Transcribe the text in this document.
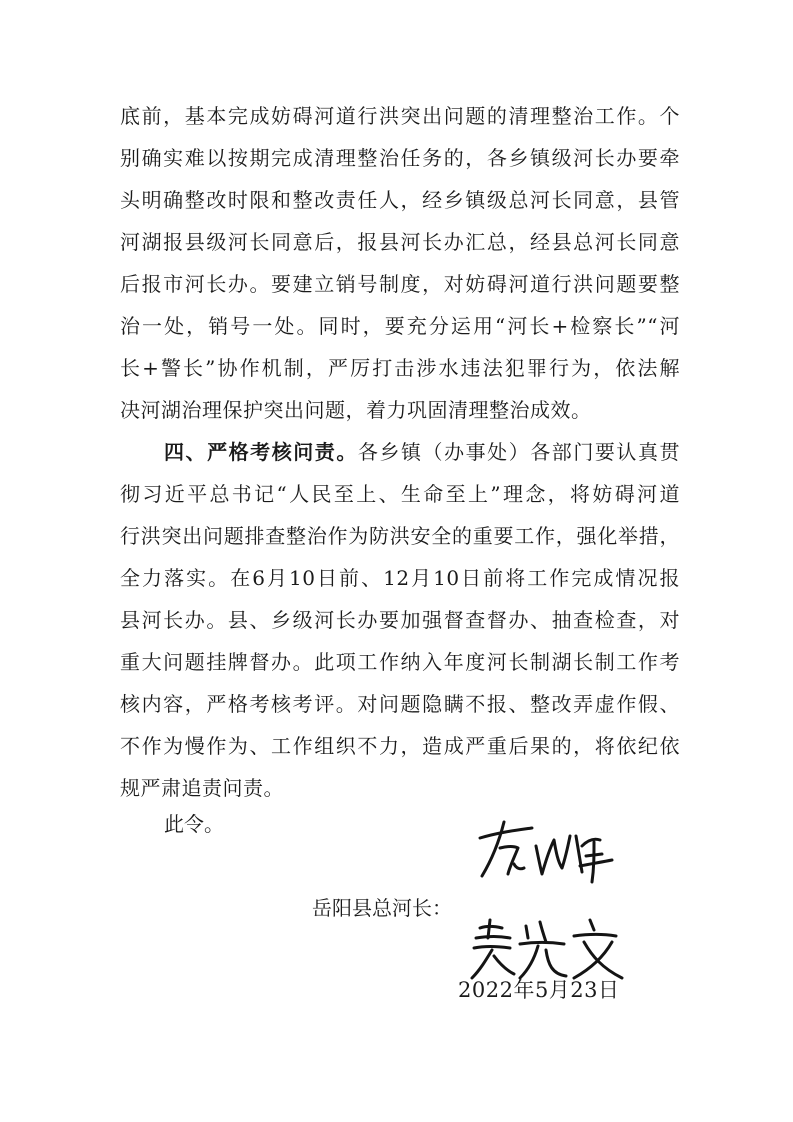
底前，基本完成妨碍河道行洪突出问题的清理整治工作。个
别确实难以按期完成清理整治任务的，各乡镇级河长办要牵
头明确整改时限和整改责任人，经乡镇级总河长同意，县管
河湖报县级河长同意后，报县河长办汇总，经县总河长同意
后报市河长办。要建立销号制度，对妨碍河道行洪问题要整
治一处，销号一处。同时，要充分运用“河长+检察长”“河
长+警长”协作机制，严厉打击涉水违法犯罪行为，依法解
决河湖治理保护突出问题，着力巩固清理整治成效。
四、严格考核问责。各乡镇（办事处）各部门要认真贯
彻习近平总书记“人民至上、生命至上”理念，将妨碍河道
行洪突出问题排查整治作为防洪安全的重要工作，强化举措，
全力落实。在6月10日前、12月10日前将工作完成情况报
县河长办。县、乡级河长办要加强督查督办、抽查检查，对
重大问题挂牌督办。此项工作纳入年度河长制湖长制工作考
核内容，严格考核考评。对问题隐瞒不报、整改弄虚作假、
不作为慢作为、工作组织不力，造成严重后果的，将依纪依
规严肃追责问责。
此令。
岳阳县总河长：
2022年5月23日
